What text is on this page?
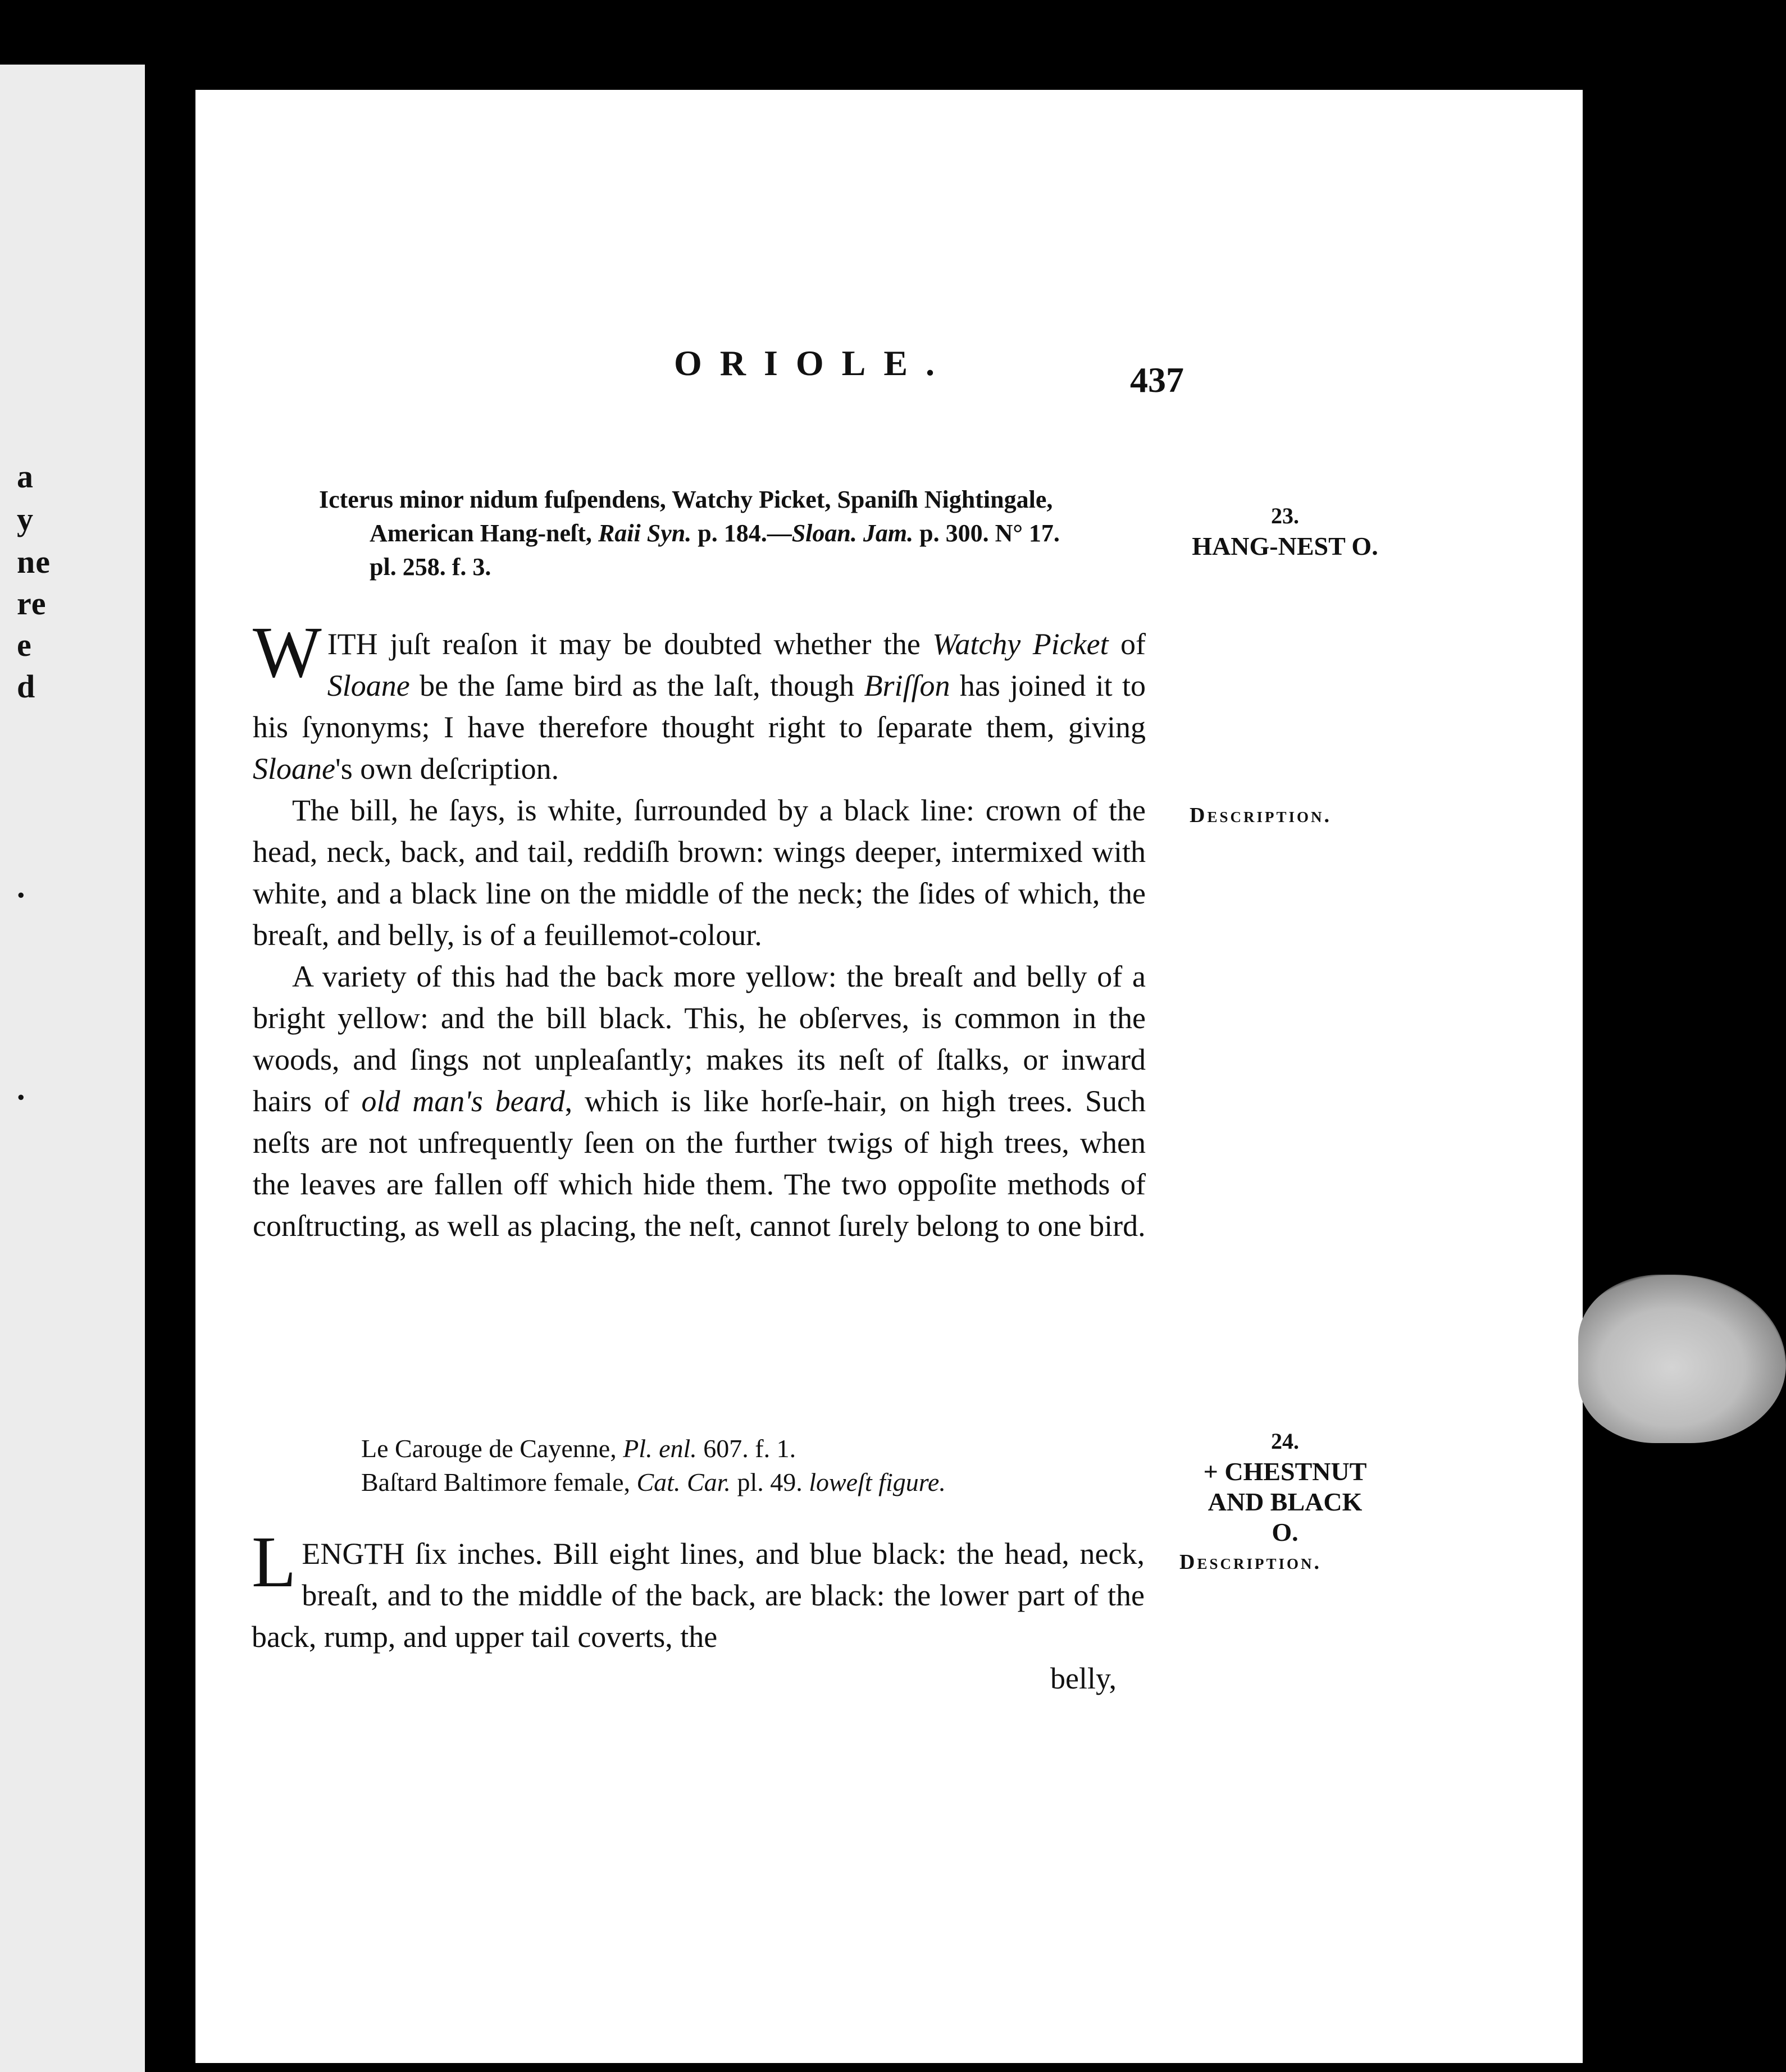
a
y
ne
re
e
d
.
.
ORIOLE.	437
Icterus minor nidum fuſpendens, Watchy Picket, Spaniſh Nightingale,
American Hang-neſt, Raii Syn. p. 184.—Sloan. Jam. p. 300. N° 17.
pl. 258. f. 3.
23.
HANG-NEST O.

WITH juſt reaſon it may be doubted whether the Watchy Picket of Sloane be the ſame bird as the laſt, though Briſſon has joined it to his ſynonyms; I have therefore thought right to ſeparate them, giving Sloane's own deſcription.

The bill, he ſays, is white, ſurrounded by a black line: crown of the head, neck, back, and tail, reddiſh brown: wings deeper, intermixed with white, and a black line on the middle of the neck; the ſides of which, the breaſt, and belly, is of a feuillemot-colour.

A variety of this had the back more yellow: the breaſt and belly of a bright yellow: and the bill black. This, he obſerves, is common in the woods, and ſings not unpleaſantly; makes its neſt of ſtalks, or inward hairs of old man's beard, which is like horſe-hair, on high trees. Such neſts are not unfrequently ſeen on the further twigs of high trees, when the leaves are fallen off which hide them. The two oppoſite methods of conſtructing, as well as placing, the neſt, cannot ſurely belong to one bird.

Description.
Le Carouge de Cayenne, Pl. enl. 607. f. 1.
Baſtard Baltimore female, Cat. Car. pl. 49. loweſt figure.
24.
+ CHESTNUT
AND BLACK
O.
Description.

LENGTH ſix inches. Bill eight lines, and blue black: the head, neck, breaſt, and to the middle of the back, are black: the lower part of the back, rump, and upper tail coverts, the

belly,
